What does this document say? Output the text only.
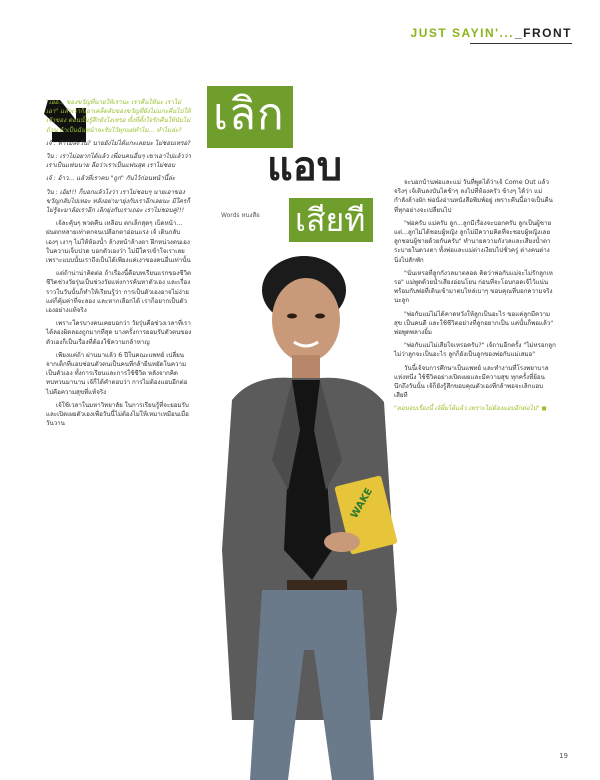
JUST SAYIN'..._FRONT

"เอ่อ... ของขวัญที่นายให้เรานะ เราคืนให้นะ เราไม่เอา" แล้วเราก็เอาเคล็ดลับของขวัญที่ยังไม่แกะคืนไปให้เจ้าของ ตอนนั้นรู้สึกยังไงเหรอ ทั้งที่ตั้งใจรักคืนให้นับไม่ถ้วน ถ้าเป็นฉันหน้าจะรับไว้ทุกแต่ทำไม... ทำไมล่ะ?

เจ้ : ทำไมล่ะวิน? นายยังไม่ได้แกะเลยนะ ไม่ชอบเหรอ?

วิน : เราไม่อยากได้แล้ว เพื่อนคนอื่นๆ เขาเอาไปแล้วว่าเราเป็นแฟนนาย ลือว่าเราเป็นแฟนสุด เราไม่ชอบ

เจ้ : อ้าว... แล้วที่เราคบ "ถูก" กันไว้ก่อนหน้านี้ล่ะ

วิน : เอ้ย!!! ก็บอกแล้วไงว่า เราไม่ชอบๆ นายเอาของขวัญกลับไปเหอะ หลังอย่ามายุ่งกับเราอีกเลยนะ มีใครก็ไม่รู้จะมาล้อเราอีก เลิกยุ่งกับเราเถอะ เราไม่ชอบคู่!!!

เจ้ละคุ้นๆ พวดคืน เหลือบ ตกเล็กสุดๆ เบ็ดหน้า... ฝนตกหลายเท่าตกจนเปลือกตาอ่อนแรง เจ้ เดินกลับเองๆ เงาๆ ไม่ให้ห้องน้ำ ล้างหน้าล้างตา ฝึกหน่วงตนเองในความเจ็บปวด บอกตัวเองว่า ไม่มีใครเข้าใจเราเลย เพราะแบบนั้นเราถึงเป็นได้เพียงแค่เงาของคนอื่นเท่านั้น

แต่ถ้าน่าน่าคิดต่อ ถ้าเรื่องนี้คือบทเรียนแรกของชีวิต ชีวิตช่วงวัยรุ่นเป็นช่วงวัยแห่งการค้นหาตัวเอง และเรื่องราวในวันนั้นก็ทำให้เรียนรู้ว่า การเป็นตัวเองอาจไม่ง่าย แต่ก็คุ้มค่าที่จะลอง และหากเลือกได้ เราก็อยากเป็นตัวเองอย่างแท้จริง

เพราะใครบางคนเคยบอกว่า วัยรุ่นคือช่วงเวลาที่เราได้ลองผิดลองถูกมากที่สุด บางครั้งการยอมรับตัวตนของตัวเองก็เป็นเรื่องที่ต้องใช้ความกล้าหาญ

เพียงแค่ถ้า ผ่านมาแล้ว 6 ปีในคณะแพทย์ เปลี่ยนจากเด็กที่แอบซ่อนตัวตนเป็นคนที่กล้ายืนหยัดในความเป็นตัวเอง ทั้งการเรียนและการใช้ชีวิต หลังจากคิดทบทวนมานาน เจ้ก็ได้คำตอบว่า การไม่ต้องแอบอีกต่อไปคือความสุขที่แท้จริง

เจ้ใช้เวลาในมหาวิทยาลัย ในการเรียนรู้ที่จะยอมรับและเปิดเผยตัวเองเพื่อวันนี้ไม่ต้องไม่ให้เหมาเหมือนเมื่อวันวาน

เลิก
แอบ
เสียที
Words หนงสือ
WAKE

จะบอกบ้านพ่อและแม่ วันที่พูดได้ว่าเจ้ Come Out แล้วจริงๆ เจ้เดินลงบันไดช้าๆ ลงไปที่ห้องครัว ข้างๆ ได้ว่า แม่กำลังล้างผัก พ่อนั่งอ่านหนังสือพิมพ์อยู่ เพราะคืนนี้อาจเป็นคืนที่ทุกอย่างจะเปลี่ยนไป

"พ่อครับ แม่ครับ ลูก...ลูกมีเรื่องจะบอกครับ ลูกเป็นผู้ชาย แต่...ลูกไม่ได้ชอบผู้หญิง ลูกไม่มีความคิดที่จะชอบผู้หญิงเลย ลูกชอบผู้ชายด้วยกันครับ" ทำนายความกังวลและเสียงน้ำตาระบายในดวงตา ทั้งพ่อและแม่ต่างเงียบไปชั่วครู่ ต่างคนต่างนิ่งไปสักพัก

"นั่นเหรอที่ลูกกังวลมาตลอด คิดว่าพ่อกับแม่จะไม่รักลูกเหรอ" แม่พูดด้วยน้ำเสียงอ่อนโยน ก่อนที่จะโอบกอดเจ้ไว้แน่น พร้อมกับพ่อที่เดินเข้ามาตบไหล่เบาๆ ขอบคุณที่บอกความจริงนะลูก

"พ่อกับแม่ไม่ได้คาดหวังให้ลูกเป็นอะไร ขอแค่ลูกมีความสุข เป็นคนดี และใช้ชีวิตอย่างที่ลูกอยากเป็น แค่นั้นก็พอแล้ว" พ่อพูดพลางยิ้ม

"พ่อกับแม่ไม่เสียใจเหรอครับ?" เจ้ถามอีกครั้ง "ไม่หรอกลูก ไม่ว่าลูกจะเป็นอะไร ลูกก็ยังเป็นลูกของพ่อกับแม่เสมอ"

วันนี้เจ้จบการศึกษาเป็นแพทย์ และทำงานที่โรงพยาบาลแห่งหนึ่ง ใช้ชีวิตอย่างเปิดเผยและมีความสุข ทุกครั้งที่ย้อนนึกถึงวันนั้น เจ้ก็ยังรู้สึกขอบคุณตัวเองที่กล้าพอจะเลิกแอบเสียที

"ตอนจบเรื่องนี้ เจ้ยิ้มได้แล้ว เพราะไม่ต้องแอบอีกต่อไป" ◼

19
